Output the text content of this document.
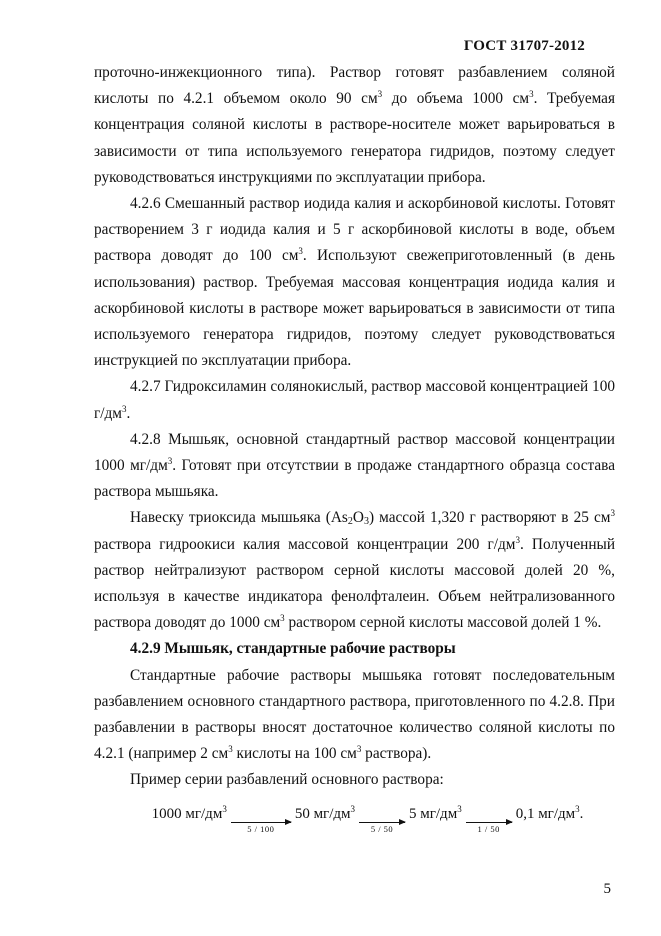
ГОСТ 31707-2012

проточно-инжекционного типа). Раствор готовят разбавлением соляной кислоты по 4.2.1 объемом около 90 $см^3$ до объема 1000 $см^3$. Требуемая концентрация соляной кислоты в растворе-носителе может варьироваться в зависимости от типа используемого генератора гидридов, поэтому следует руководствоваться инструкциями по эксплуатации прибора.

4.2.6 Смешанный раствор иодида калия и аскорбиновой кислоты. Готовят растворением 3 г иодида калия и 5 г аскорбиновой кислоты в воде, объем раствора доводят до 100 $см^3$. Используют свежеприготовленный (в день использования) раствор. Требуемая массовая концентрация иодида калия и аскорбиновой кислоты в растворе может варьироваться в зависимости от типа используемого генератора гидридов, поэтому следует руководствоваться инструкцией по эксплуатации прибора.

4.2.7 Гидроксиламин солянокислый, раствор массовой концентрацией 100 $г/дм^3$.

4.2.8 Мышьяк, основной стандартный раствор массовой концентрации 1000 $мг/дм^3$. Готовят при отсутствии в продаже стандартного образца состава раствора мышьяка.

Навеску триоксида мышьяка $(As_2O_3)$ массой 1,320 г растворяют в 25 $см^3$ раствора гидроокиси калия массовой концентрации 200 $г/дм^3$. Полученный раствор нейтрализуют раствором серной кислоты массовой долей 20 %, используя в качестве индикатора фенолфталеин. Объем нейтрализованного раствора доводят до 1000 $см^3$ раствором серной кислоты массовой долей 1 %.

4.2.9 Мышьяк, стандартные рабочие растворы

Стандартные рабочие растворы мышьяка готовят последовательным разбавлением основного стандартного раствора, приготовленного по 4.2.8. При разбавлении в растворы вносят достаточное количество соляной кислоты по 4.2.1 (например 2 $см^3$ кислоты на 100 $см^3$ раствора).

Пример серии разбавлений основного раствора:

1000 $мг/дм^3$
5 / 100
50 $мг/дм^3$
5 / 50
5 $мг/дм^3$
1 / 50
0,1 $мг/дм^3$.
5
